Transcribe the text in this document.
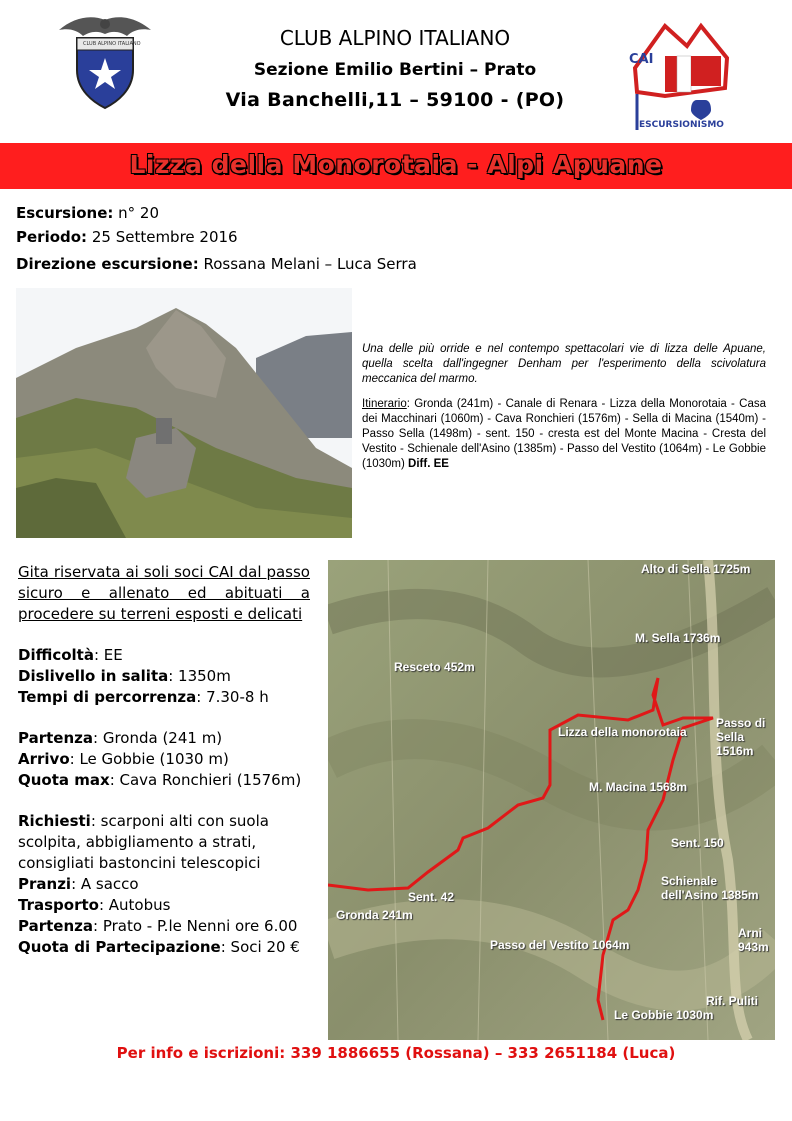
CLUB ALPINO ITALIANO	CLUB ALPINO ITALIANO
Sezione Emilio Bertini – Prato
Via Banchelli,11 – 59100 - (PO)
CAI
ESCURSIONISMO
Lizza della Monorotaia - Alpi Apuane
Escursione: n° 20
Periodo: 25 Settembre 2016
Direzione escursione: Rossana Melani – Luca Serra

Una delle più orride e nel contempo spettacolari vie di lizza delle Apuane, quella scelta dall'ingegner Denham per l'esperimento della scivolatura meccanica del marmo.

Itinerario: Gronda (241m) - Canale di Renara - Lizza della Monorotaia - Casa dei Macchinari (1060m) - Cava Ronchieri (1576m) - Sella di Macina (1540m) - Passo Sella (1498m) - sent. 150 - cresta est del Monte Macina - Cresta del Vestito - Schienale dell'Asino (1385m) - Passo del Vestito (1064m) - Le Gobbie (1030m) Diff. EE

Gita riservata ai soli soci CAI dal passo sicuro e allenato ed abituati a procedere su terreni esposti e delicati
Difficoltà: EE
Dislivello in salita: 1350m
Tempi di percorrenza: 7.30-8 h
Partenza: Gronda (241 m)
Arrivo: Le Gobbie (1030 m)
Quota max: Cava Ronchieri (1576m)
Richiesti: scarponi alti con suola scolpita, abbigliamento a strati, consigliati bastoncini telescopici
Pranzi: A sacco
Trasporto: Autobus
Partenza: Prato - P.le Nenni ore 6.00
Quota di Partecipazione: Soci 20 €
Alto di Sella 1725m
M. Sella 1736m
Resceto 452m
Passo di Sella 1516m
Lizza della monorotaia
M. Macina 1568m
Sent. 150
Schienale dell'Asino 1385m
Sent. 42
Gronda 241m
Arni 943m
Passo del Vestito 1064m
Rif. Puliti
Le Gobbie 1030m
Per info e iscrizioni: 339 1886655 (Rossana) – 333 2651184 (Luca)
